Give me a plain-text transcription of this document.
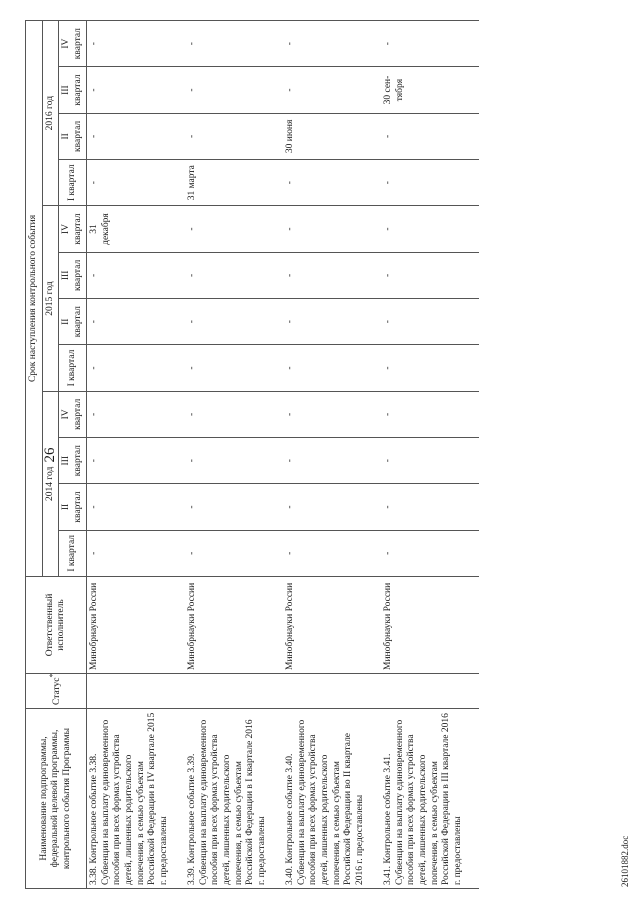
26
Наименование подпрограммы, федеральной целевой программы, контрольного события Программы	Статус*	Ответственный исполнитель	Срок наступления контрольного события											
			2014 год				2015 год				2016 год			
			I квартал	II квартал	III квартал	IV квартал	I квартал	II квартал	III квартал	IV квартал	I квартал	II квартал	III квартал	IV квартал
3.38. Контрольное событие 3.38. Субвенции на выплату единовременного пособия при всех формах устройства детей, лишенных родительского попечения, в семью субъектам Российской Федерации в IV квартале 2015 г. предоставлены		Минобрнауки России	-	-	-	-	-	-	-	31 декабря	-	-	-	-

3.39. Контрольное событие 3.39. Субвенции на выплату единовременного пособия при всех формах устройства детей, лишенных родительского попечения, в семью субъектам Российской Федерации в I квартале 2016 г. предоставлены		Минобрнауки России	-	-	-	-	-	-	-	-	31 марта	-	-	-

3.40. Контрольное событие 3.40. Субвенции на выплату единовременного пособия при всех формах устройства детей, лишенных родительского попечения, в семью субъектам Российской Федерации во II квартале 2016 г. предоставлены		Минобрнауки России	-	-	-	-	-	-	-	-	-	30 июня	-	-

3.41. Контрольное событие 3.41. Субвенции на выплату единовременного пособия при всех формах устройства детей, лишенных родительского попечения, в семью субъектам Российской Федерации в III квартале 2016 г. предоставлены		Минобрнауки России	-	-	-	-	-	-	-	-	-	-	30 сен-тября	-
26101882.doc
